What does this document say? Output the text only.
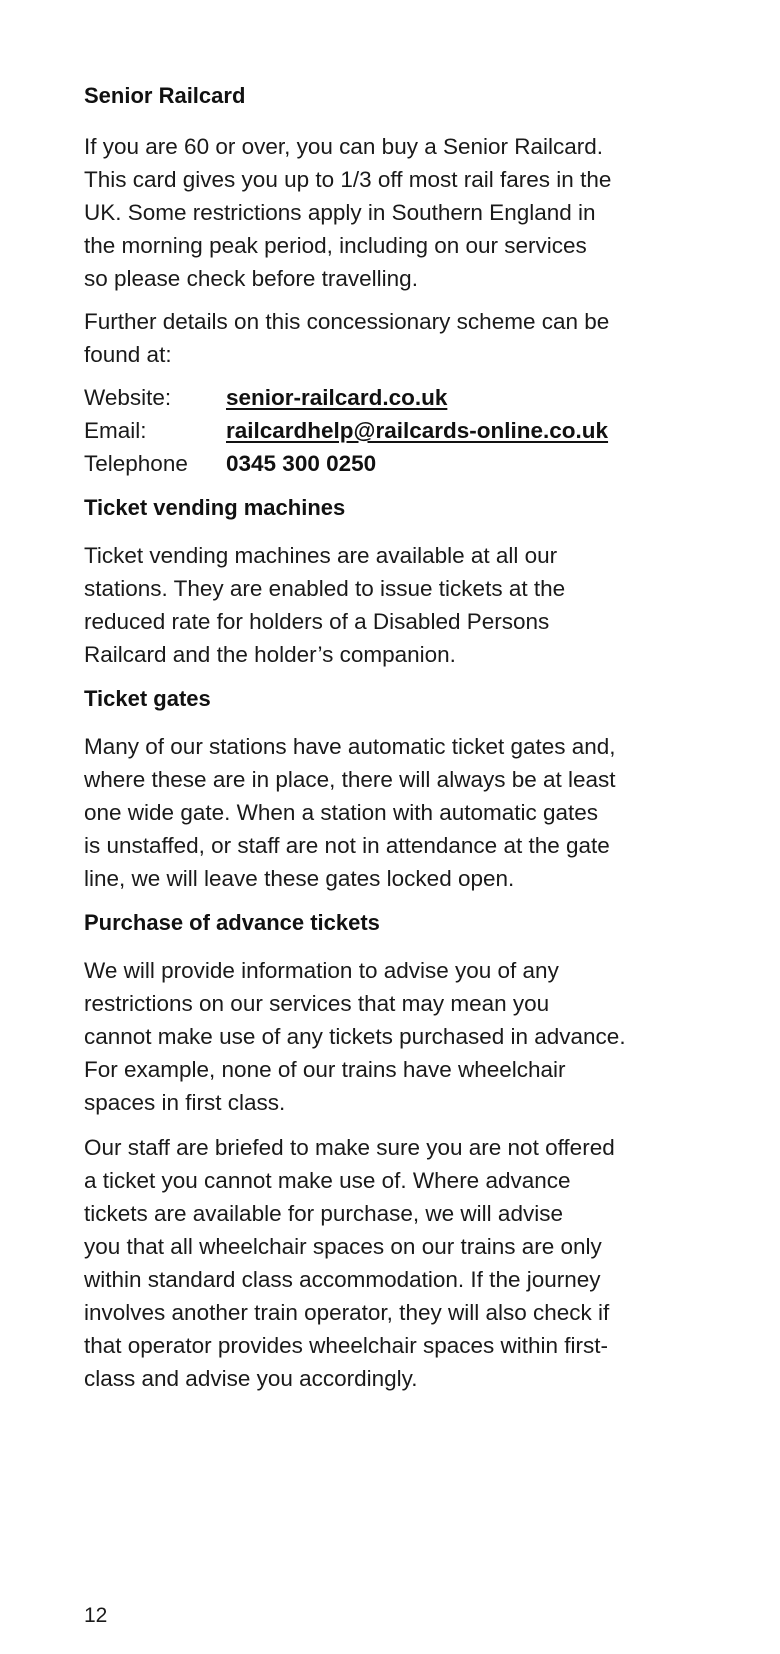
Senior Railcard

If you are 60 or over, you can buy a Senior Railcard.
This card gives you up to 1/3 off most rail fares in the
UK. Some restrictions apply in Southern England in
the morning peak period, including on our services
so please check before travelling.

Further details on this concessionary scheme can be
found at:

Website:	senior-railcard.co.uk
Email:	railcardhelp@railcards-online.co.uk
Telephone	0345 300 0250
Ticket vending machines

Ticket vending machines are available at all our
stations. They are enabled to issue tickets at the
reduced rate for holders of a Disabled Persons
Railcard and the holder’s companion.

Ticket gates

Many of our stations have automatic ticket gates and,
where these are in place, there will always be at least
one wide gate. When a station with automatic gates
is unstaffed, or staff are not in attendance at the gate
line, we will leave these gates locked open.

Purchase of advance tickets

We will provide information to advise you of any
restrictions on our services that may mean you
cannot make use of any tickets purchased in advance.
For example, none of our trains have wheelchair
spaces in first class.

Our staff are briefed to make sure you are not offered
a ticket you cannot make use of. Where advance
tickets are available for purchase, we will advise
you that all wheelchair spaces on our trains are only
within standard class accommodation. If the journey
involves another train operator, they will also check if
that operator provides wheelchair spaces within first-
class and advise you accordingly.

12
